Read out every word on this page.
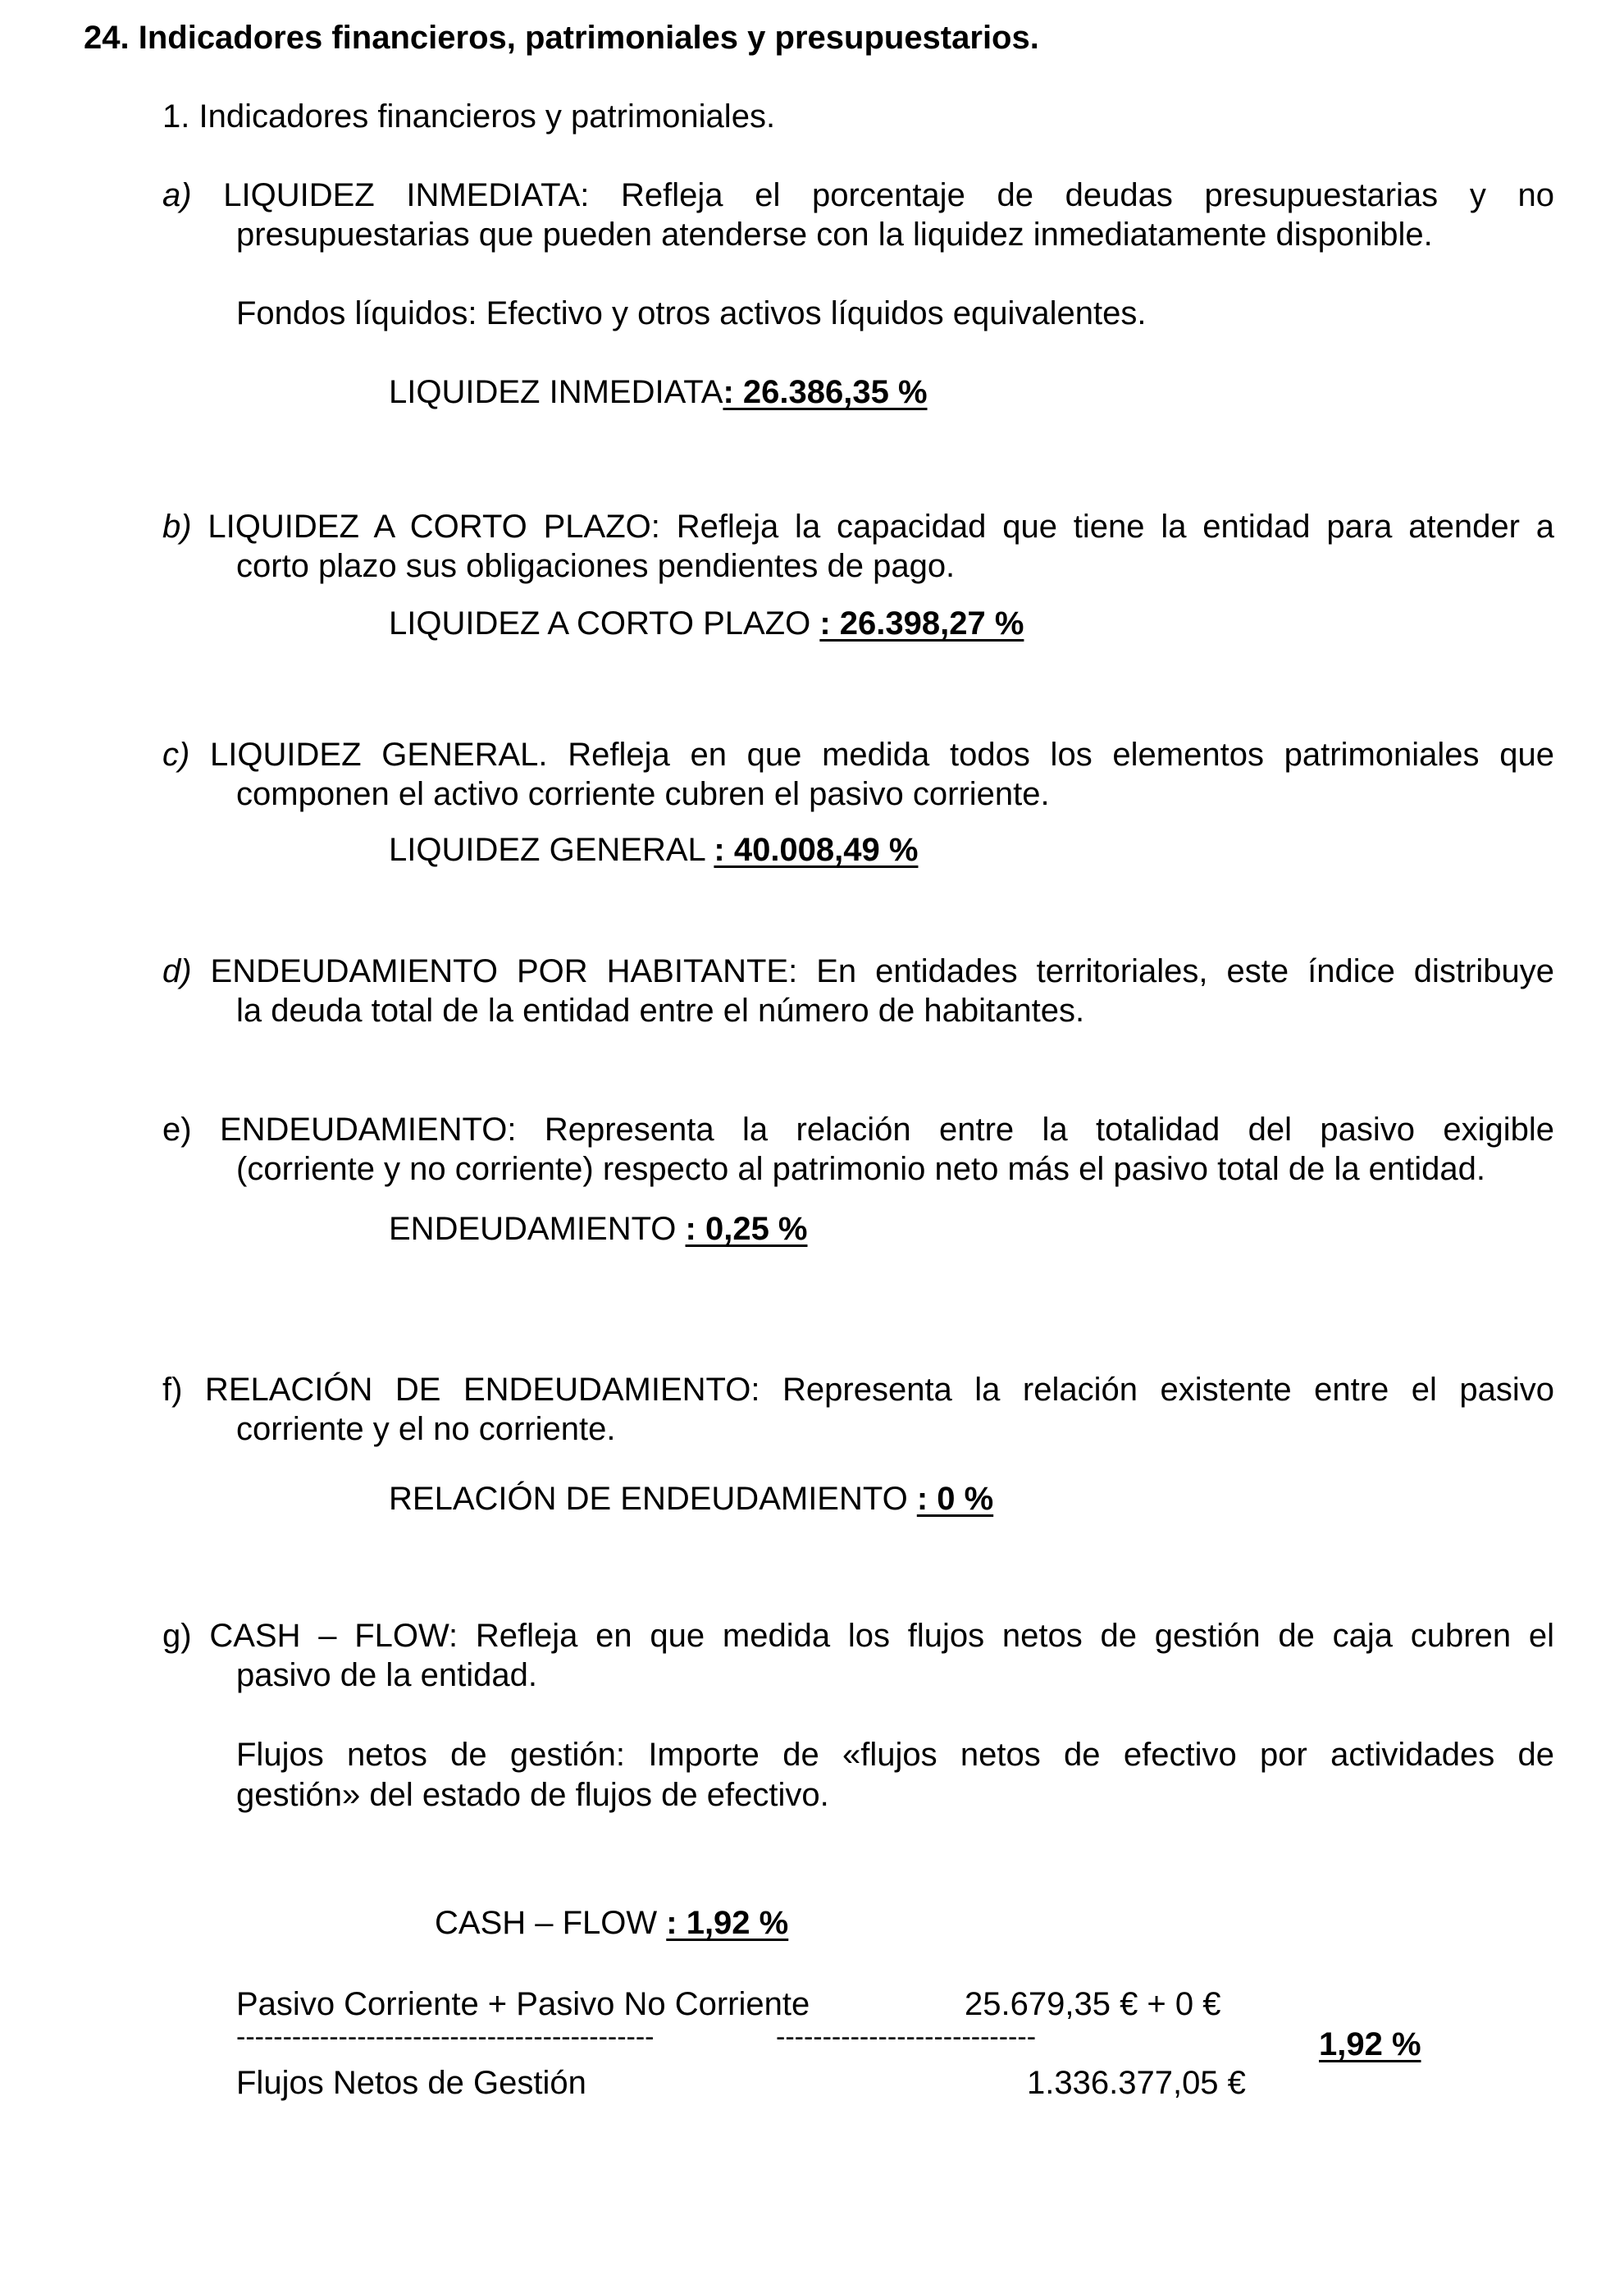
24. Indicadores financieros, patrimoniales y presupuestarios.
1. Indicadores financieros y patrimoniales.
a) LIQUIDEZ INMEDIATA: Refleja el porcentaje de deudas presupuestarias y no
presupuestarias que pueden atenderse con la liquidez inmediatamente disponible.
Fondos líquidos: Efectivo y otros activos líquidos equivalentes.
LIQUIDEZ INMEDIATA: 26.386,35 %
b) LIQUIDEZ A CORTO PLAZO: Refleja la capacidad que tiene la entidad para atender a
corto plazo sus obligaciones pendientes de pago.
LIQUIDEZ A CORTO PLAZO : 26.398,27 %
c) LIQUIDEZ GENERAL. Refleja en que medida todos los elementos patrimoniales que
componen el activo corriente cubren el pasivo corriente.
LIQUIDEZ GENERAL : 40.008,49 %
d) ENDEUDAMIENTO POR HABITANTE: En entidades territoriales, este índice distribuye
la deuda total de la entidad entre el número de habitantes.
e) ENDEUDAMIENTO: Representa la relación entre la totalidad del pasivo exigible
(corriente y no corriente) respecto al patrimonio neto más el pasivo total de la entidad.
ENDEUDAMIENTO : 0,25 %
f) RELACIÓN DE ENDEUDAMIENTO: Representa la relación existente entre el pasivo
corriente y el no corriente.
RELACIÓN DE ENDEUDAMIENTO : 0 %
g) CASH – FLOW: Refleja en que medida los flujos netos de gestión de caja cubren el
pasivo de la entidad.
Flujos netos de gestión: Importe de «flujos netos de efectivo por actividades de
gestión» del estado de flujos de efectivo.
CASH – FLOW : 1,92 %
Pasivo Corriente + Pasivo No Corriente	25.679,35 € + 0 €
---------------------------------------------	----------------------------	1,92 %
Flujos Netos de Gestión	1.336.377,05 €
